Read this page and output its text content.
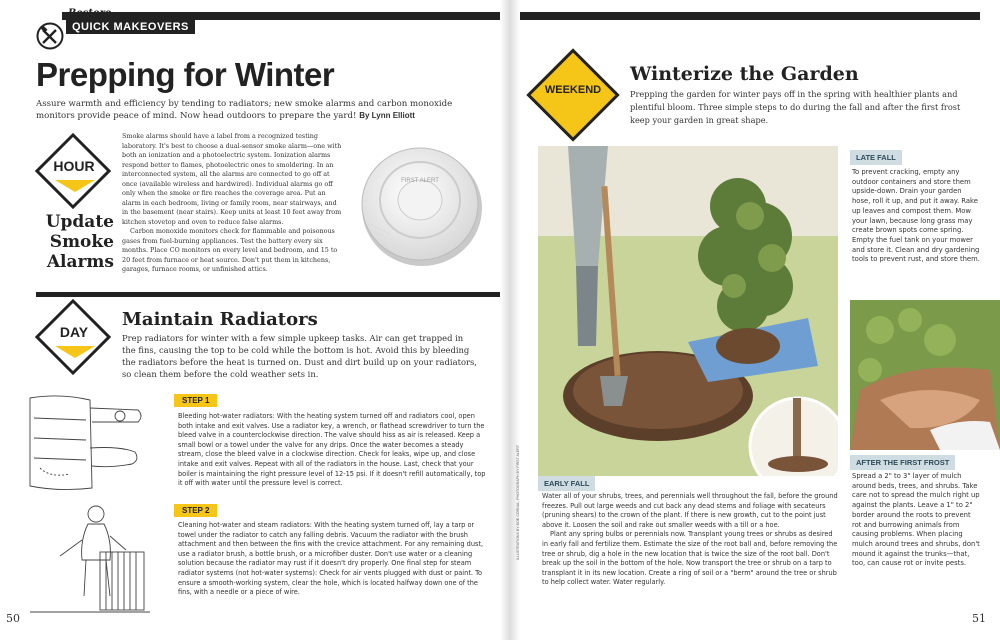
Restore
QUICK MAKEOVERS
Prepping for Winter
Assure warmth and efficiency by tending to radiators; new smoke alarms and carbon monoxide monitors provide peace of mind. Now head outdoors to prepare the yard! By Lynn Elliott
HOUR
Update
Smoke
Alarms
Smoke alarms should have a label from a recognized testing laboratory. It's best to choose a dual-sensor smoke alarm—one with both an ionization and a photoelectric system. Ionization alarms respond better to flames, photoelectric ones to smoldering. In an interconnected system, all the alarms are connected to go off at once (available wireless and hardwired). Individual alarms go off only when the smoke or fire reaches the coverage area. Put an alarm in each bedroom, living or family room, near stairways, and in the basement (near stairs). Keep units at least 10 feet away from kitchen stovetop and oven to reduce false alarms.
Carbon monoxide monitors check for flammable and poisonous gases from fuel-burning appliances. Test the battery every six months. Place CO monitors on every level and bedroom, and 15 to 20 feet from furnace or heat source. Don't put them in kitchens, garages, furnace rooms, or unfinished attics.
FIRST ALERT
DAY
Maintain Radiators
Prep radiators for winter with a few simple upkeep tasks. Air can get trapped in the fins, causing the top to be cold while the bottom is hot. Avoid this by bleeding the radiators before the heat is turned on. Dust and dirt build up on your radiators, so clean them before the cold weather sets in.
STEP 1
Bleeding hot-water radiators: With the heating system turned off and radiators cool, open both intake and exit valves. Use a radiator key, a wrench, or flathead screwdriver to turn the bleed valve in a counterclockwise direction. The valve should hiss as air is released. Keep a small bowl or a towel under the valve for any drips. Once the water becomes a steady stream, close the bleed valve in a clockwise direction. Check for leaks, wipe up, and close intake and exit valves. Repeat with all of the radiators in the house. Last, check that your boiler is maintaining the right pressure level of 12-15 psi. If it doesn't refill automatically, top it off with water until the pressure level is correct.
STEP 2
Cleaning hot-water and steam radiators: With the heating system turned off, lay a tarp or towel under the radiator to catch any falling debris. Vacuum the radiator with the brush attachment and then between the fins with the crevice attachment. For any remaining dust, use a radiator brush, a bottle brush, or a microfiber duster. Don't use water or a cleaning solution because the radiator may rust if it doesn't dry properly. One final step for steam radiator systems (not hot-water systems): Check for air vents plugged with dust or paint. To ensure a smooth-working system, clear the hole, which is located halfway down one of the fins, with a needle or a piece of wire.
50
WEEKEND
Winterize the Garden
Prepping the garden for winter pays off in the spring with healthier plants and plentiful bloom. Three simple steps to do during the fall and after the first frost keep your garden in great shape.
LATE FALL
To prevent cracking, empty any outdoor containers and store them upside-down. Drain your garden hose, roll it up, and put it away. Rake up leaves and compost them. Mow your lawn, because long grass may create brown spots come spring. Empty the fuel tank on your mower and store it. Clean and dry gardening tools to prevent rust, and store them.
AFTER THE FIRST FROST
Spread a 2" to 3" layer of mulch around beds, trees, and shrubs. Take care not to spread the mulch right up against the plants. Leave a 1" to 2" border around the roots to prevent rot and burrowing animals from causing problems. When placing mulch around trees and shrubs, don't mound it against the trunks—that, too, can cause rot or invite pests.
EARLY FALL
Water all of your shrubs, trees, and perennials well throughout the fall, before the ground freezes. Pull out large weeds and cut back any dead stems and foliage with secateurs (pruning shears) to the crown of the plant. If there is new growth, cut to the point just above it. Loosen the soil and rake out smaller weeds with a till or a hoe.
Plant any spring bulbs or perennials now. Transplant young trees or shrubs as desired in early fall and fertilize them. Estimate the size of the root ball and, before removing the tree or shrub, dig a hole in the new location that is twice the size of the root ball. Don't break up the soil in the bottom of the hole. Now transport the tree or shrub on a tarp to transplant it in its new location. Create a ring of soil or a "berm" around the tree or shrub to help collect water. Water regularly.
ILLUSTRATIONS BY BOB CORNAL; PHOTOGRAPH BY FIRST ALERT
51
